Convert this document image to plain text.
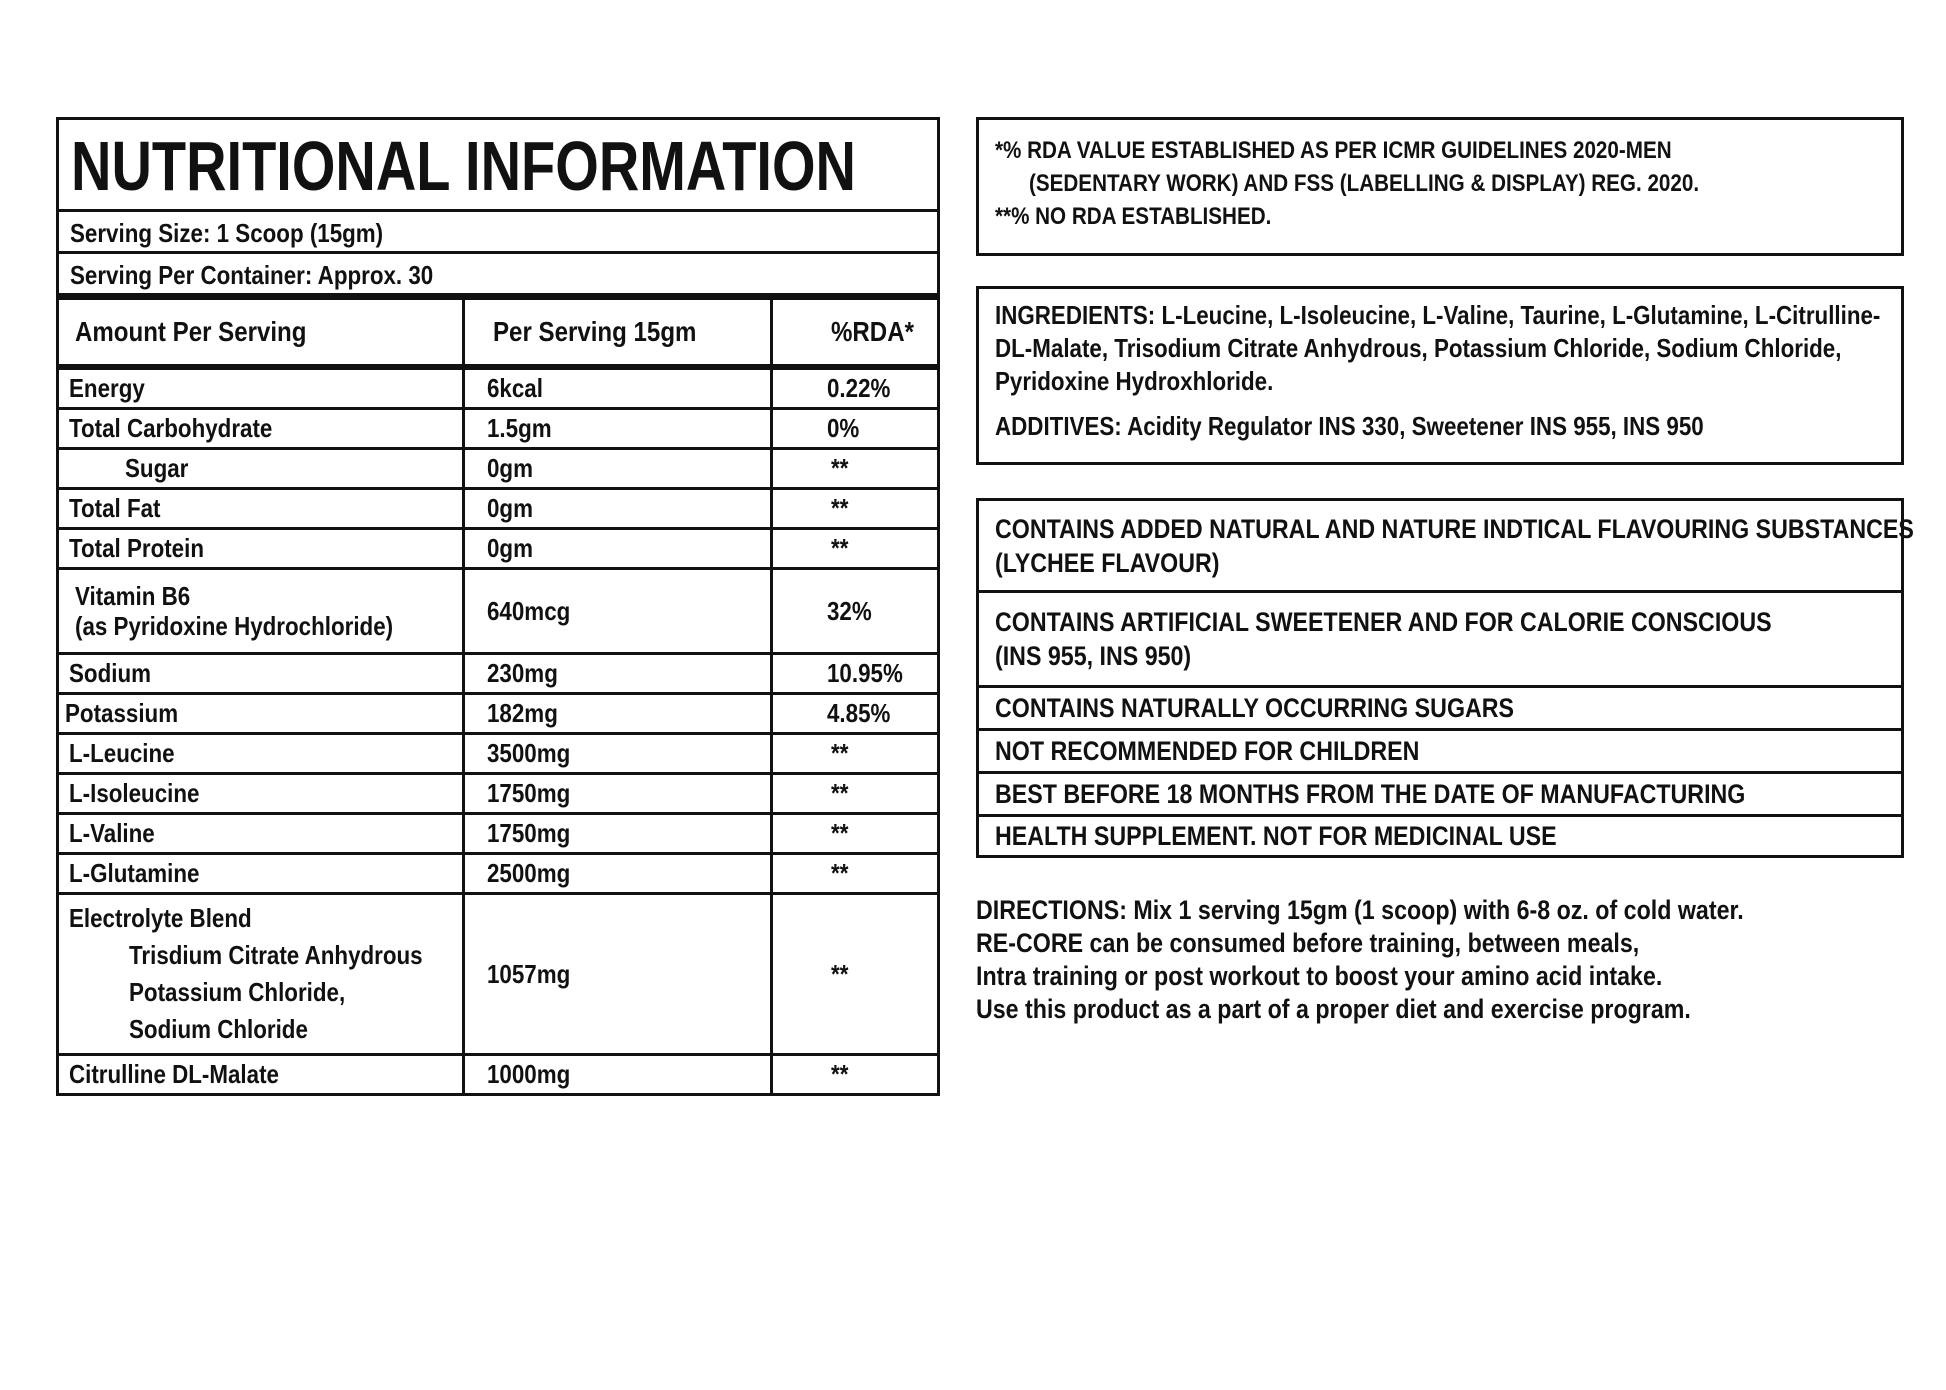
NUTRITIONAL INFORMATION
Serving Size: 1 Scoop (15gm)
Serving Per Container: Approx. 30
Amount Per Serving	Per Serving 15gm	%RDA*
Energy	6kcal	0.22%
Total Carbohydrate	1.5gm	0%
Sugar	0gm	**
Total Fat	0gm	**
Total Protein	0gm	**
Vitamin B6
(as Pyridoxine Hydrochloride)	640mcg	32%
Sodium	230mg	10.95%
Potassium	182mg	4.85%
L-Leucine	3500mg	**
L-Isoleucine	1750mg	**
L-Valine	1750mg	**
L-Glutamine	2500mg	**
Electrolyte Blend
Trisdium Citrate Anhydrous
Potassium Chloride,
Sodium Chloride	1057mg	**
Citrulline DL-Malate	1000mg	**
*% RDA VALUE ESTABLISHED AS PER ICMR GUIDELINES 2020-MEN
(SEDENTARY WORK) AND FSS (LABELLING & DISPLAY) REG. 2020.
**% NO RDA ESTABLISHED.
INGREDIENTS: L-Leucine, L-Isoleucine, L-Valine, Taurine, L-Glutamine, L-Citrulline-DL-Malate, Trisodium Citrate Anhydrous, Potassium Chloride, Sodium Chloride, Pyridoxine Hydroxhloride.
ADDITIVES: Acidity Regulator INS 330, Sweetener INS 955, INS 950
CONTAINS ADDED NATURAL AND NATURE INDTICAL FLAVOURING SUBSTANCES
(LYCHEE FLAVOUR)
CONTAINS ARTIFICIAL SWEETENER AND FOR CALORIE CONSCIOUS
(INS 955, INS 950)
CONTAINS NATURALLY OCCURRING SUGARS
NOT RECOMMENDED FOR CHILDREN
BEST BEFORE 18 MONTHS FROM THE DATE OF MANUFACTURING
HEALTH SUPPLEMENT. NOT FOR MEDICINAL USE
DIRECTIONS: Mix 1 serving 15gm (1 scoop) with 6-8 oz. of cold water.
RE-CORE can be consumed before training, between meals,
Intra training or post workout to boost your amino acid intake.
Use this product as a part of a proper diet and exercise program.
